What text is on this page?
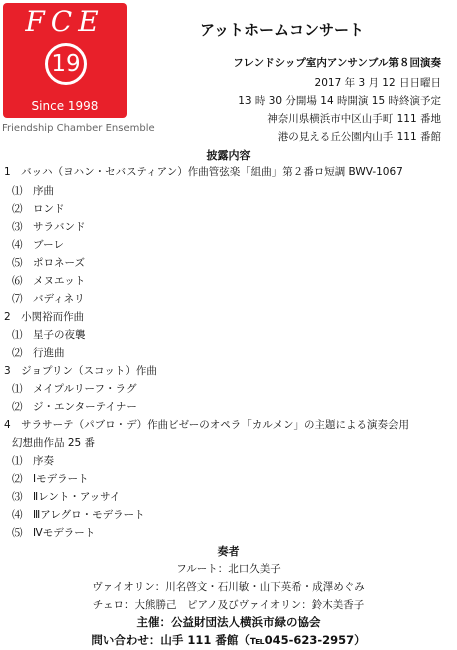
FCE
19
Since 1998
Friendship Chamber Ensemble
アットホームコンサート
フレンドシップ室内アンサンブル第８回演奏
2017 年 3 月 12 日日曜日
13 時 30 分開場 14 時開演 15 時終演予定
神奈川県横浜市中区山手町 111 番地
港の見える丘公園内山手 111 番館
披露内容
1　バッハ（ヨハン・セバスティアン）作曲管弦楽「組曲」第２番ロ短調 BWV-1067
⑴　序曲
⑵　ロンド
⑶　サラバンド
⑷　ブーレ
⑸　ポロネーズ
⑹　メヌエット
⑺　バディネリ
2　小関裕而作曲
⑴　星子の夜襲
⑵　行進曲
3　ジョプリン（スコット）作曲
⑴　メイプルリーフ・ラグ
⑵　ジ・エンターテイナー
4　サラサーテ（パブロ・デ）作曲ビゼーのオペラ「カルメン」の主題による演奏会用
幻想曲作品 25 番
⑴　序奏
⑵　Ⅰモデラート
⑶　Ⅱレント・アッサイ
⑷　Ⅲアレグロ・モデラート
⑸　Ⅳモデラート
奏者
フルート：北口久美子
ヴァイオリン：川名啓文・石川敏・山下英希・成澤めぐみ
チェロ：大熊勝己　ピアノ及びヴァイオリン：鈴木美香子
主催：公益財団法人横浜市緑の協会
問い合わせ：山手 111 番館（℡045-623-2957）
